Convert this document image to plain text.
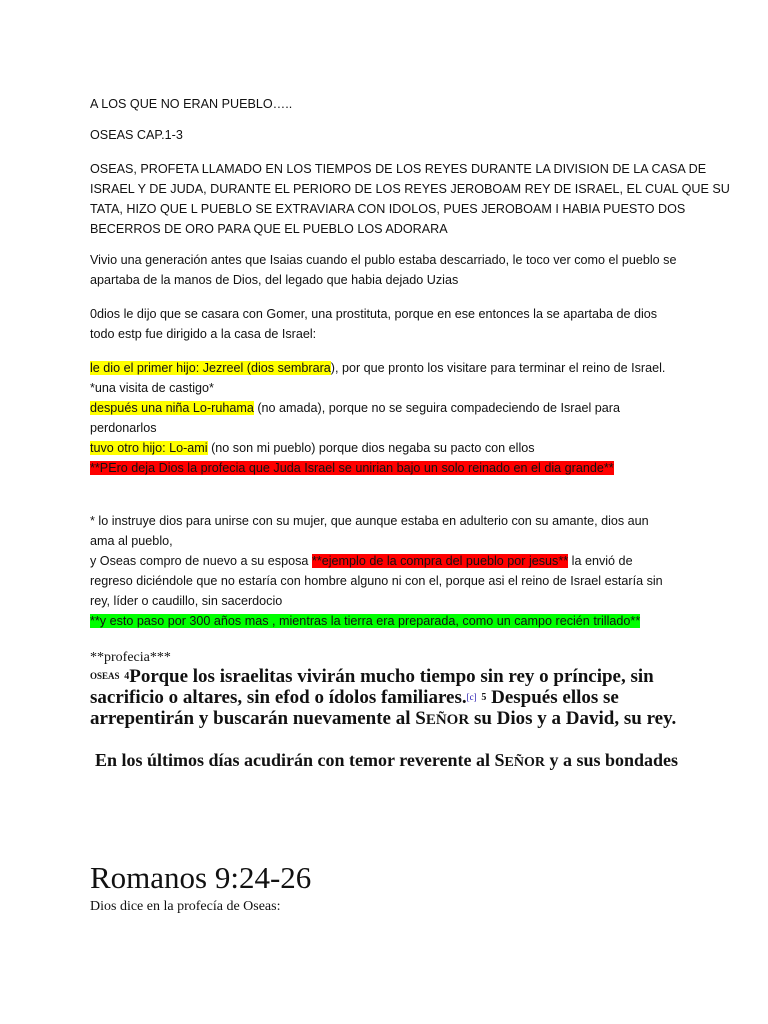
A LOS QUE NO ERAN PUEBLO…..

OSEAS CAP.1-3

OSEAS, PROFETA LLAMADO EN LOS TIEMPOS DE LOS REYES DURANTE LA DIVISION DE LA CASA DE
ISRAEL Y DE JUDA, DURANTE EL PERIORO DE LOS REYES JEROBOAM REY DE ISRAEL, EL CUAL QUE SU
TATA, HIZO QUE L PUEBLO SE EXTRAVIARA CON IDOLOS, PUES JEROBOAM I HABIA PUESTO DOS
BECERROS DE ORO PARA QUE EL PUEBLO LOS ADORARA

Vivio una generación antes que Isaias cuando el publo estaba descarriado, le toco ver como el pueblo se
apartaba de la manos de Dios, del legado que habia dejado Uzias

0dios le dijo que se casara con Gomer, una prostituta, porque en ese entonces la se apartaba de dios
todo estp fue dirigido a la casa de Israel:

le dio el primer hijo: Jezreel (dios sembrara), por que pronto los visitare para terminar el reino de Israel.
*una visita de castigo*
después una niña Lo-ruhama (no amada), porque no se seguira compadeciendo de Israel para
perdonarlos
tuvo otro hijo: Lo-ami (no son mi pueblo) porque dios negaba su pacto con ellos
**PEro deja Dios la profecia que Juda Israel se unirian bajo un solo reinado en el dia grande**

* lo instruye dios para unirse con su mujer, que aunque estaba en adulterio con su amante, dios aun
ama al pueblo,
y Oseas compro de nuevo a su esposa **ejemplo de la compra del pueblo por jesus** la envió de
regreso diciéndole que no estaría con hombre alguno ni con el, porque asi el reino de Israel estaría sin
rey, líder o caudillo, sin sacerdocio
**y esto paso por 300 años mas , mientras la tierra era preparada, como un campo recién trillado**

**profecia***

$^{OSEAS}$ $^4$Porque los israelitas vivirán mucho tiempo sin rey o príncipe, sin
sacrificio o altares, sin efod o ídolos familiares.[c] $^5$ Después ellos se
arrepentirán y buscarán nuevamente al SEÑOR su Dios y a David, su rey.

En los últimos días acudirán con temor reverente al SEÑOR y a sus bondades

Romanos 9:24-26

Dios dice en la profecía de Oseas:
